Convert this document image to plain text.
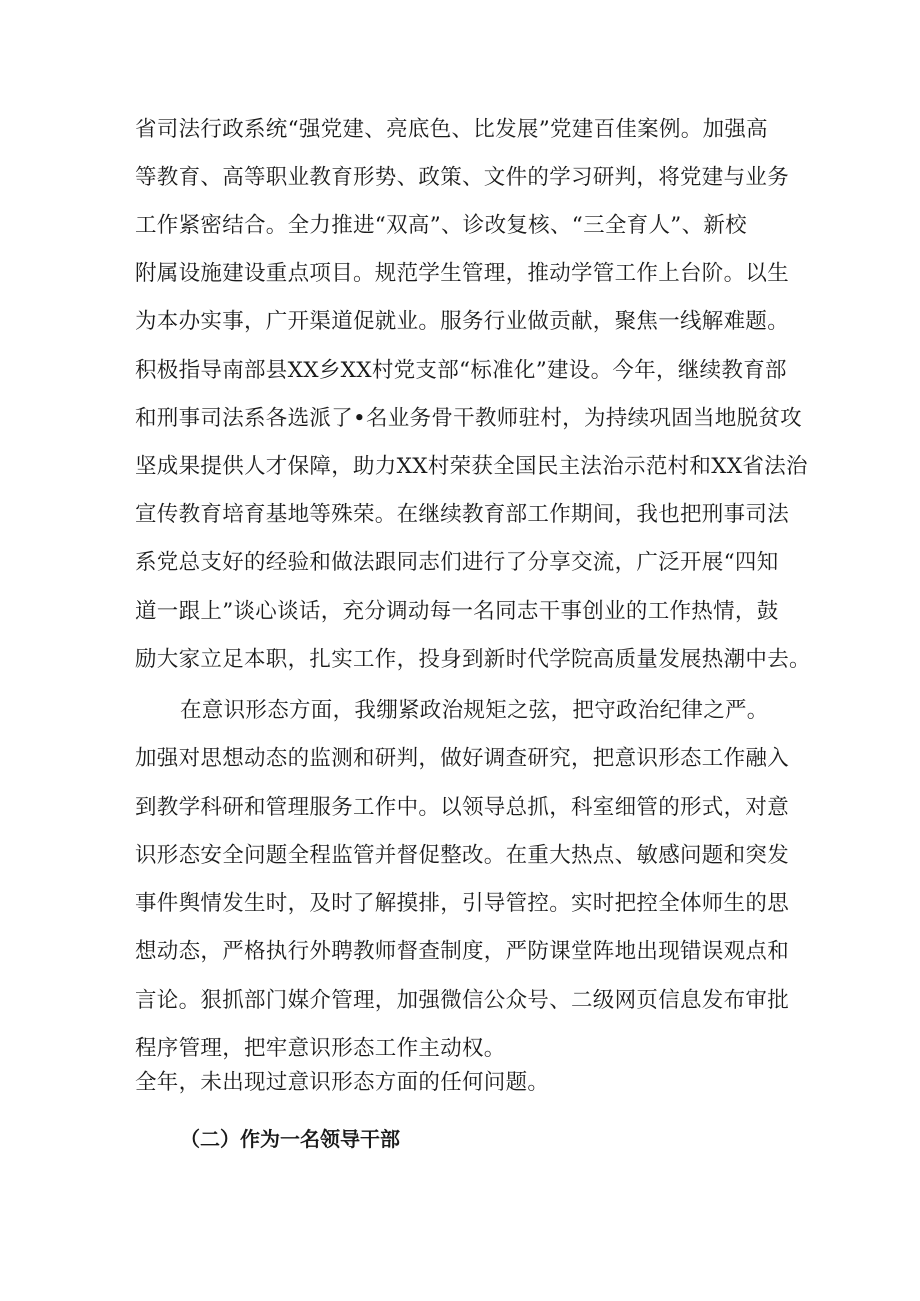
省司法行政系统“强党建、亮底色、比发展”党建百佳案例。加强高
等教育、高等职业教育形势、政策、文件的学习研判，将党建与业务
工作紧密结合。全力推进“双高”、诊改复核、“三全育人”、新校
附属设施建设重点项目。规范学生管理，推动学管工作上台阶。以生
为本办实事，广开渠道促就业。服务行业做贡献，聚焦一线解难题。
积极指导南部县XX乡XX村党支部“标准化”建设。今年，继续教育部
和刑事司法系各选派了•名业务骨干教师驻村，为持续巩固当地脱贫攻
坚成果提供人才保障，助力XX村荣获全国民主法治示范村和XX省法治
宣传教育培育基地等殊荣。在继续教育部工作期间，我也把刑事司法
系党总支好的经验和做法跟同志们进行了分享交流，广泛开展“四知
道一跟上”谈心谈话，充分调动每一名同志干事创业的工作热情，鼓
励大家立足本职，扎实工作，投身到新时代学院高质量发展热潮中去。
在意识形态方面，我绷紧政治规矩之弦，把守政治纪律之严。
加强对思想动态的监测和研判，做好调查研究，把意识形态工作融入
到教学科研和管理服务工作中。以领导总抓，科室细管的形式，对意
识形态安全问题全程监管并督促整改。在重大热点、敏感问题和突发
事件舆情发生时，及时了解摸排，引导管控。实时把控全体师生的思
想动态，严格执行外聘教师督查制度，严防课堂阵地出现错误观点和
言论。狠抓部门媒介管理，加强微信公众号、二级网页信息发布审批
程序管理，把牢意识形态工作主动权。
全年，未出现过意识形态方面的任何问题。
（二）作为一名领导干部
